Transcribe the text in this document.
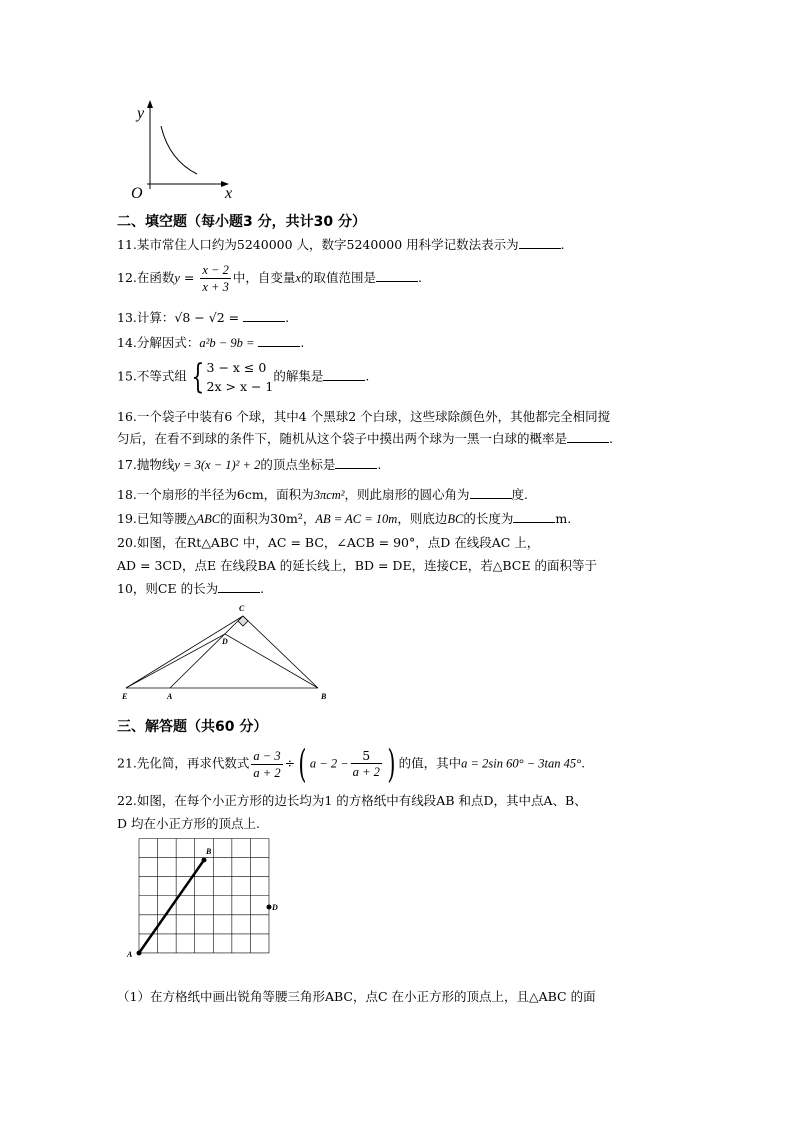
y
x
O
二、填空题（每小题3 分，共计30 分）
11.某市常住人口约为5240000 人，数字5240000 用科学记数法表示为	.
12.在函数$y = \frac{x - 2}{x + 3}$ 中，自变量x的取值范围是	.
13.计算：√8 − √2 =	.
14.分解因式：a²b − 9b =	.
15.不等式组 { 3 − x ≤ 0
2x > x − 1
的解集是	.
16.一个袋子中装有6 个球，其中4 个黑球2 个白球，这些球除颜色外，其他都完全相同搅
匀后，在看不到球的条件下，随机从这个袋子中摸出两个球为一黑一白球的概率是	.
17.抛物线y = 3(x − 1)² + 2的顶点坐标是	.
18.一个扇形的半径为6cm，面积为3πcm²，则此扇形的圆心角为	度.
19.已知等腰△ABC的面积为30m²，AB = AC = 10m，则底边BC的长度为	m.
20.如图，在Rt△ABC 中，AC = BC，∠ACB = 90°，点D 在线段AC 上，
AD = 3CD，点E 在线段BA 的延长线上，BD = DE，连接CE，若△BCE 的面积等于
10，则CE 的长为	.
C
D
E	A	B
三、解答题（共60 分）
21.先化简，再求代数式 $\frac{a - 3}{a + 2}$ ÷( $a - 2 - \frac{5}{a + 2}$ ) 的值，其中a = 2sin 60° − 3tan 45°.
22.如图，在每个小正方形的边长均为1 的方格纸中有线段AB 和点D，其中点A、B、
D 均在小正方形的顶点上.
A
B
D
（1）在方格纸中画出锐角等腰三角形ABC，点C 在小正方形的顶点上，且△ABC 的面
